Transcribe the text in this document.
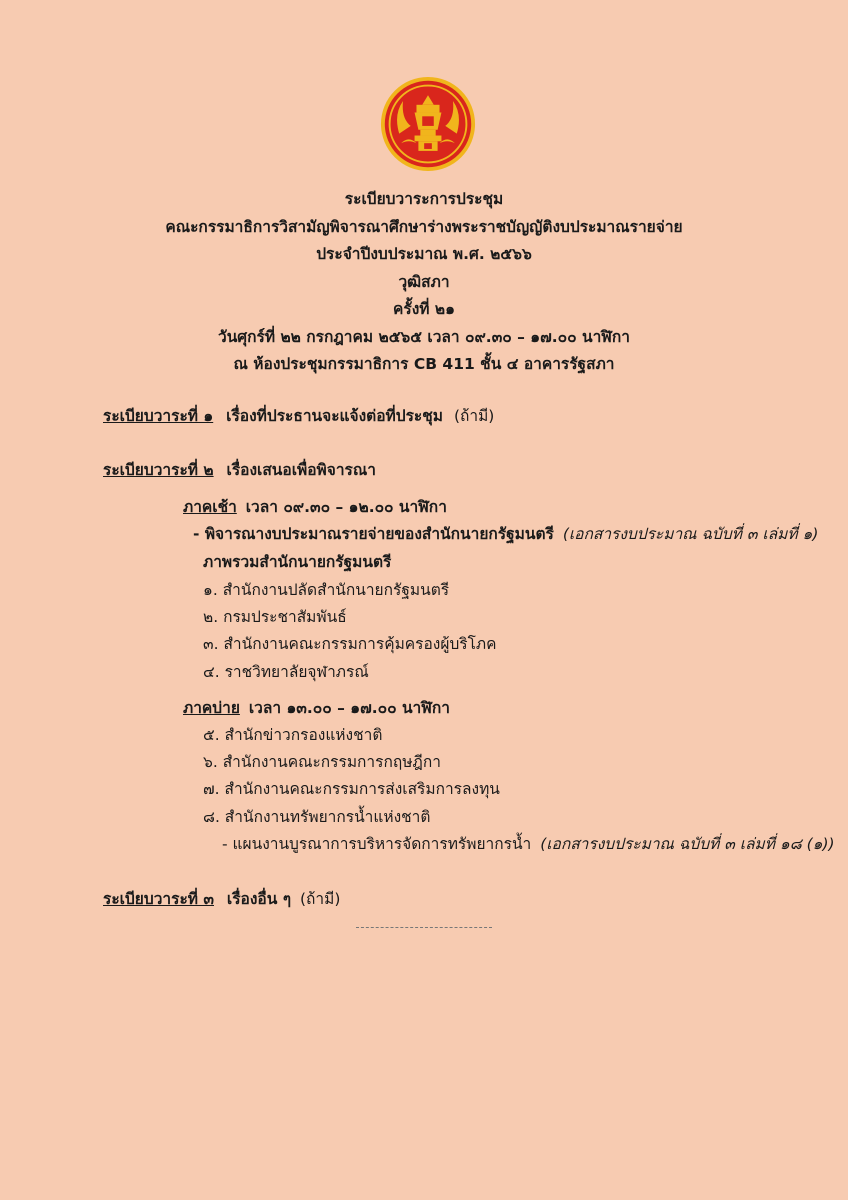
ระเบียบวาระการประชุม
คณะกรรมาธิการวิสามัญพิจารณาศึกษาร่างพระราชบัญญัติงบประมาณรายจ่าย
ประจำปีงบประมาณ พ.ศ. ๒๕๖๖
วุฒิสภา
ครั้งที่ ๒๑
วันศุกร์ที่ ๒๒ กรกฎาคม ๒๕๖๕ เวลา ๐๙.๓๐ – ๑๗.๐๐ นาฬิกา
ณ ห้องประชุมกรรมาธิการ CB 411 ชั้น ๔ อาคารรัฐสภา
ระเบียบวาระที่ ๑ เรื่องที่ประธานจะแจ้งต่อที่ประชุม (ถ้ามี)
ระเบียบวาระที่ ๒ เรื่องเสนอเพื่อพิจารณา
ภาคเช้า เวลา ๐๙.๓๐ – ๑๒.๐๐ นาฬิกา
- พิจารณางบประมาณรายจ่ายของสำนักนายกรัฐมนตรี (เอกสารงบประมาณ ฉบับที่ ๓ เล่มที่ ๑)
ภาพรวมสำนักนายกรัฐมนตรี
๑. สำนักงานปลัดสำนักนายกรัฐมนตรี
๒. กรมประชาสัมพันธ์
๓. สำนักงานคณะกรรมการคุ้มครองผู้บริโภค
๔. ราชวิทยาลัยจุฬาภรณ์
ภาคบ่าย เวลา ๑๓.๐๐ – ๑๗.๐๐ นาฬิกา
๕. สำนักข่าวกรองแห่งชาติ
๖. สำนักงานคณะกรรมการกฤษฎีกา
๗. สำนักงานคณะกรรมการส่งเสริมการลงทุน
๘. สำนักงานทรัพยากรน้ำแห่งชาติ
- แผนงานบูรณาการบริหารจัดการทรัพยากรน้ำ (เอกสารงบประมาณ ฉบับที่ ๓ เล่มที่ ๑๘ (๑))
ระเบียบวาระที่ ๓ เรื่องอื่น ๆ (ถ้ามี)
